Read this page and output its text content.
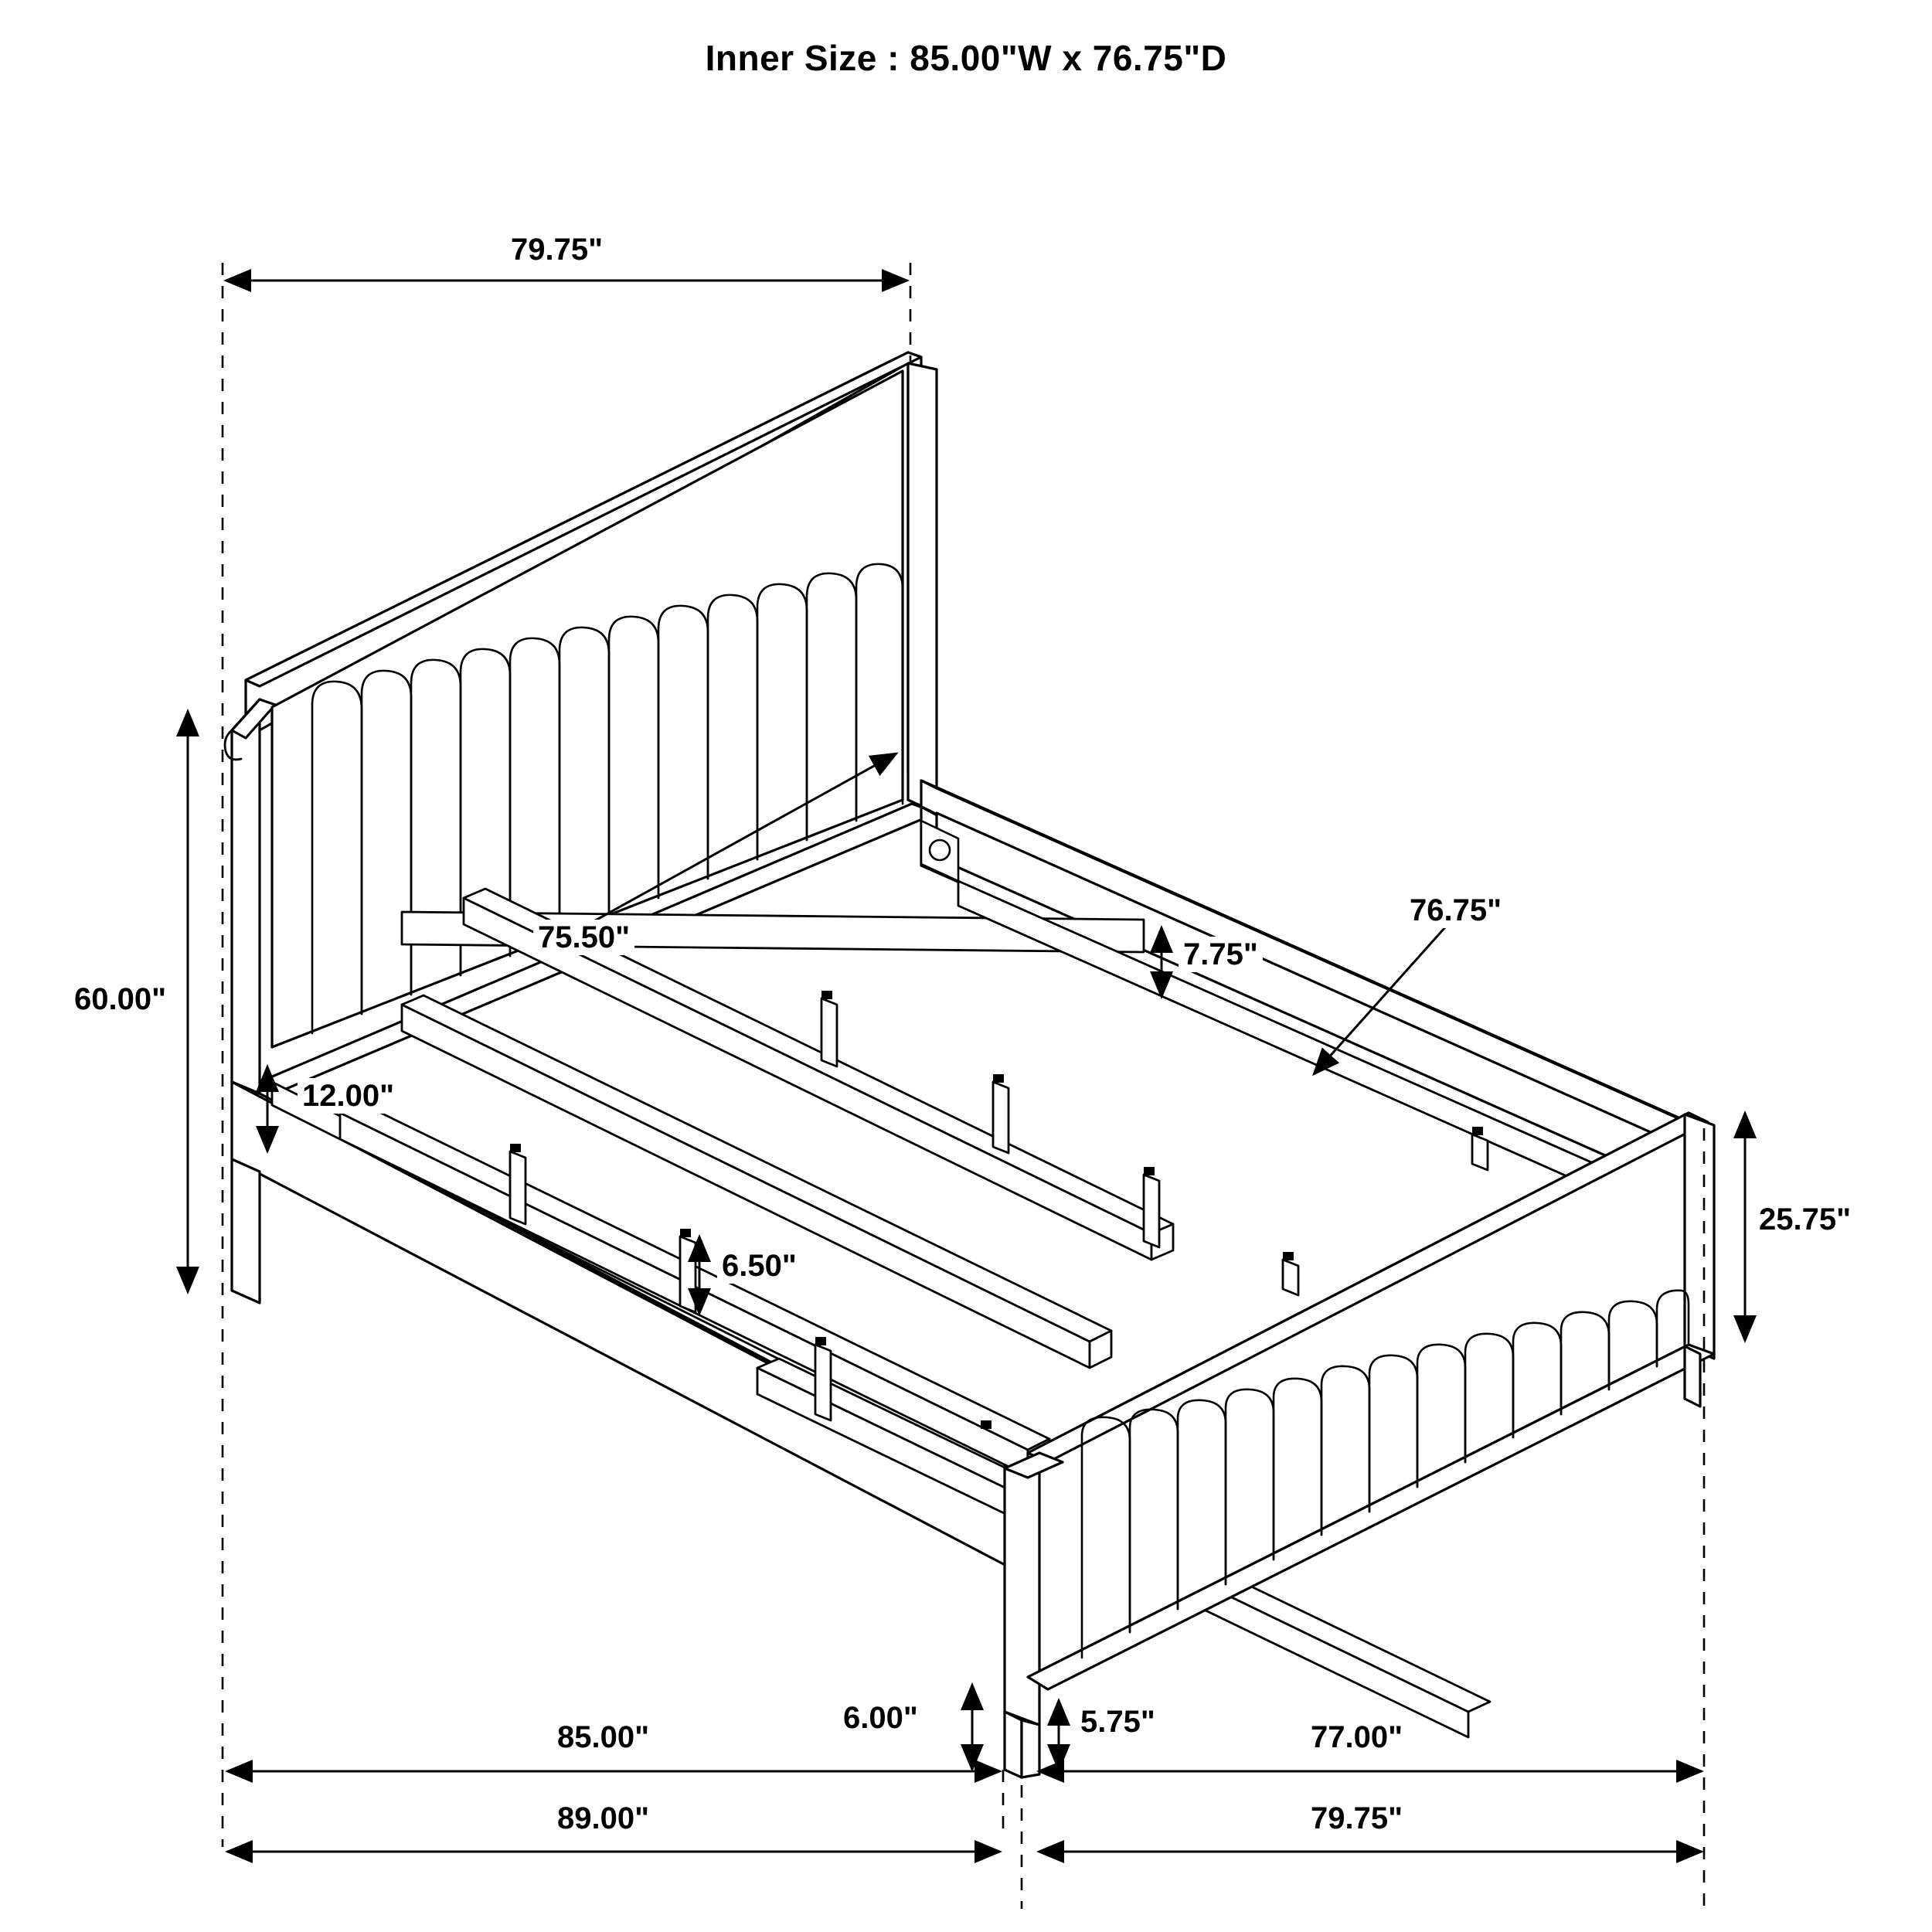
Inner Size : 85.00"W x 76.75"D
79.75"
60.00"
12.00"
75.50"	7.75"
6.50"
76.75"
25.75"
6.00"	5.75"
85.00"	77.00"
89.00"	79.75"
